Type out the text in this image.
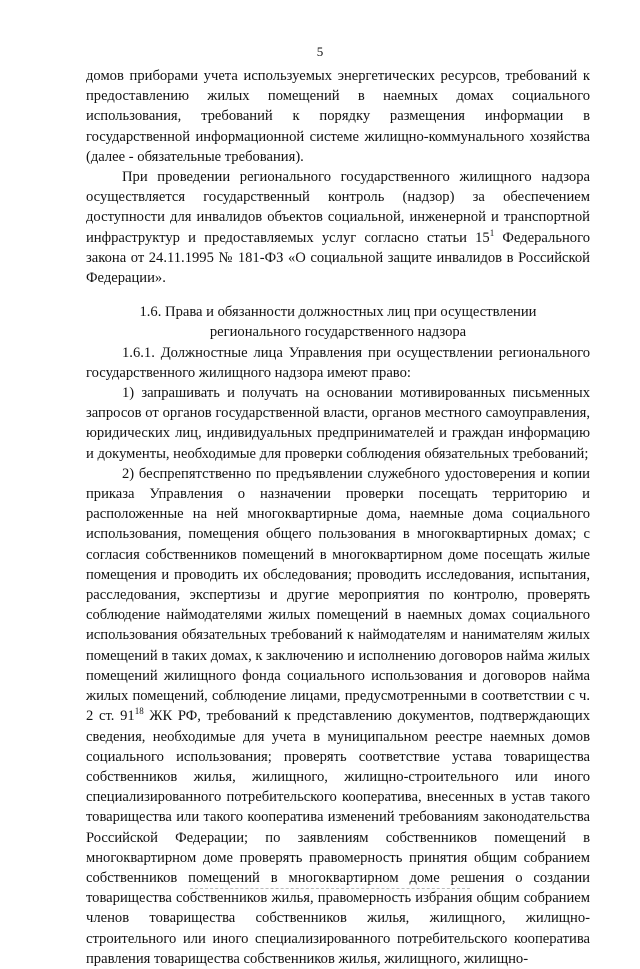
5

домов приборами учета используемых энергетических ресурсов, требований к предоставлению жилых помещений в наемных домах социального использования, требований к порядку размещения информации в государственной информационной системе жилищно-коммунального хозяйства (далее - обязательные требования).

При проведении регионального государственного жилищного надзора осуществляется государственный контроль (надзор) за обеспечением доступности для инвалидов объектов социальной, инженерной и транспортной инфраструктур и предоставляемых услуг согласно статьи $15^1$ Федерального закона от 24.11.1995 № 181-ФЗ «О социальной защите инвалидов в Российской Федерации».

1.6. Права и обязанности должностных лиц при осуществлении
регионального государственного надзора

1.6.1. Должностные лица Управления при осуществлении регионального государственного жилищного надзора имеют право:

1) запрашивать и получать на основании мотивированных письменных запросов от органов государственной власти, органов местного самоуправления, юридических лиц, индивидуальных предпринимателей и граждан информацию и документы, необходимые для проверки соблюдения обязательных требований;

2) беспрепятственно по предъявлении служебного удостоверения и копии приказа Управления о назначении проверки посещать территорию и расположенные на ней многоквартирные дома, наемные дома социального использования, помещения общего пользования в многоквартирных домах; с согласия собственников помещений в многоквартирном доме посещать жилые помещения и проводить их обследования; проводить исследования, испытания, расследования, экспертизы и другие мероприятия по контролю, проверять соблюдение наймодателями жилых помещений в наемных домах социального использования обязательных требований к наймодателям и нанимателям жилых помещений в таких домах, к заключению и исполнению договоров найма жилых помещений жилищного фонда социального использования и договоров найма жилых помещений, соблюдение лицами, предусмотренными в соответствии с ч. 2 ст. $91^{18}$ ЖК РФ, требований к представлению документов, подтверждающих сведения, необходимые для учета в муниципальном реестре наемных домов социального использования; проверять соответствие устава товарищества собственников жилья, жилищного, жилищно-строительного или иного специализированного потребительского кооператива, внесенных в устав такого товарищества или такого кооператива изменений требованиям законодательства Российской Федерации; по заявлениям собственников помещений в многоквартирном доме проверять правомерность принятия общим собранием собственников помещений в многоквартирном доме решения о создании товарищества собственников жилья, правомерность избрания общим собранием членов товарищества собственников жилья, жилищного, жилищно-строительного или иного специализированного потребительского кооператива правления товарищества собственников жилья, жилищного, жилищно-
